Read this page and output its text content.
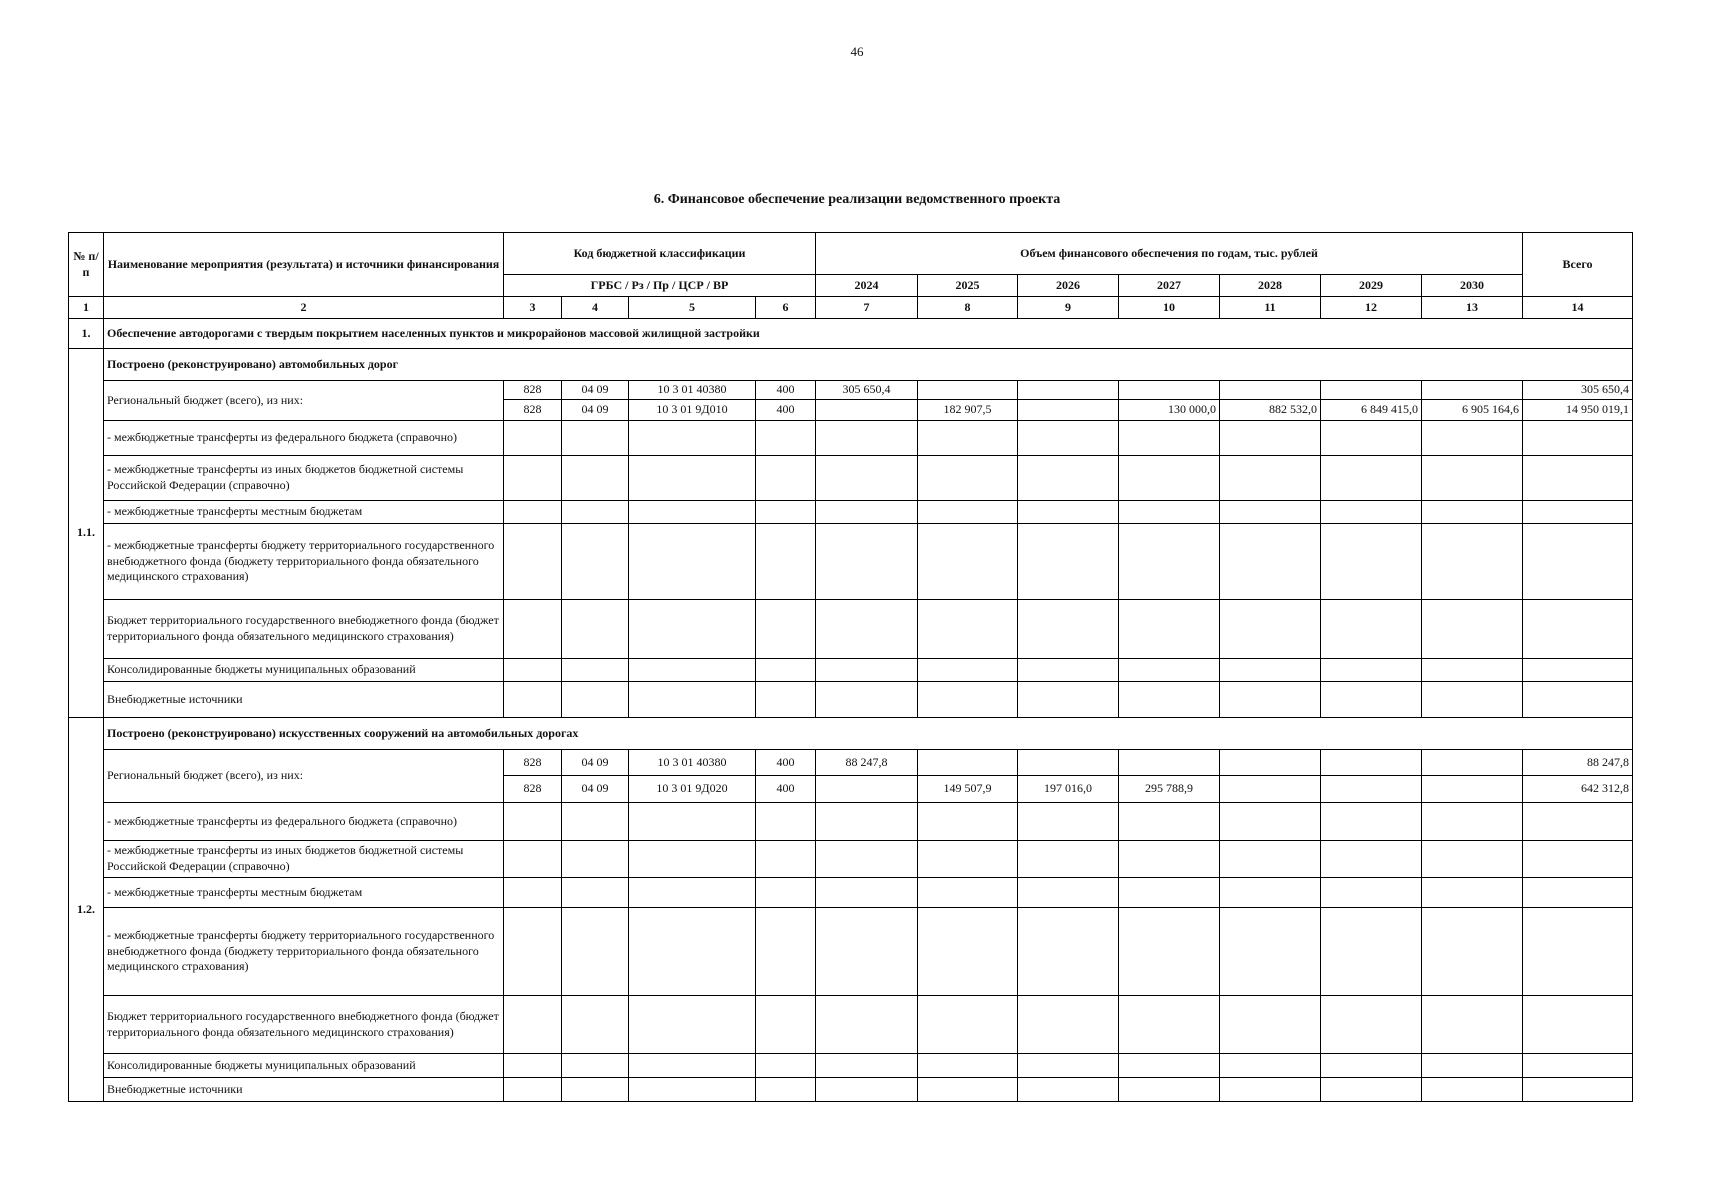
46
6. Финансовое обеспечение реализации ведомственного проекта
№ п/п	Наименование мероприятия (результата) и источники финансирования	Код бюджетной классификации				Объем финансового обеспечения по годам, тыс. рублей							Всего
		ГРБС / Рз / Пр / ЦСР / ВР				2024	2025	2026	2027	2028	2029	2030	
1	2	3	4	5	6	7	8	9	10	11	12	13	14
1.	Обеспечение автодорогами с твердым покрытием населенных пунктов и микрорайонов массовой жилищной застройки												
1.1.	Построено (реконструировано) автомобильных дорог												
	Региональный бюджет (всего), из них:	828	04 09	10 3 01 40380	400	305 650,4							305 650,4
		828	04 09	10 3 01 9Д010	400		182 907,5		130 000,0	882 532,0	6 849 415,0	6 905 164,6	14 950 019,1
	- межбюджетные трансферты из федерального бюджета (справочно)												
	- межбюджетные трансферты из иных бюджетов бюджетной системы Российской Федерации (справочно)												
	- межбюджетные трансферты местным бюджетам												
	- межбюджетные трансферты бюджету территориального государственного внебюджетного фонда (бюджету территориального фонда обязательного медицинского страхования)												
	Бюджет территориального государственного внебюджетного фонда (бюджет территориального фонда обязательного медицинского страхования)												
	Консолидированные бюджеты муниципальных образований												
	Внебюджетные источники												
1.2.	Построено (реконструировано) искусственных сооружений на автомобильных дорогах												
	Региональный бюджет (всего), из них:	828	04 09	10 3 01 40380	400	88 247,8							88 247,8
		828	04 09	10 3 01 9Д020	400		149 507,9	197 016,0	295 788,9				642 312,8
	- межбюджетные трансферты из федерального бюджета (справочно)												
	- межбюджетные трансферты из иных бюджетов бюджетной системы Российской Федерации (справочно)												
	- межбюджетные трансферты местным бюджетам												
	- межбюджетные трансферты бюджету территориального государственного внебюджетного фонда (бюджету территориального фонда обязательного медицинского страхования)												
	Бюджет территориального государственного внебюджетного фонда (бюджет территориального фонда обязательного медицинского страхования)												
	Консолидированные бюджеты муниципальных образований												
	Внебюджетные источники												
